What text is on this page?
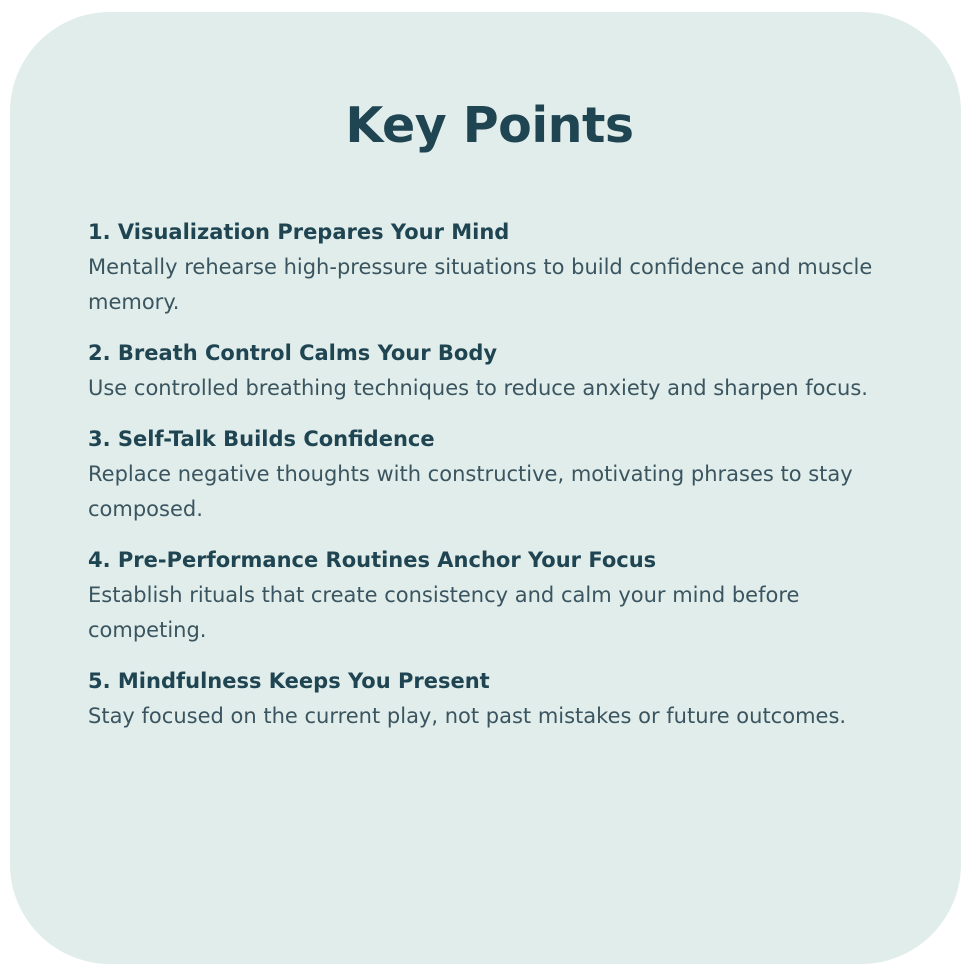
Key Points

1. Visualization Prepares Your Mind

Mentally rehearse high-pressure situations to build confidence and muscle memory.

2. Breath Control Calms Your Body

Use controlled breathing techniques to reduce anxiety and sharpen focus.

3. Self-Talk Builds Confidence

Replace negative thoughts with constructive, motivating phrases to stay composed.

4. Pre-Performance Routines Anchor Your Focus

Establish rituals that create consistency and calm your mind before competing.

5. Mindfulness Keeps You Present

Stay focused on the current play, not past mistakes or future outcomes.
